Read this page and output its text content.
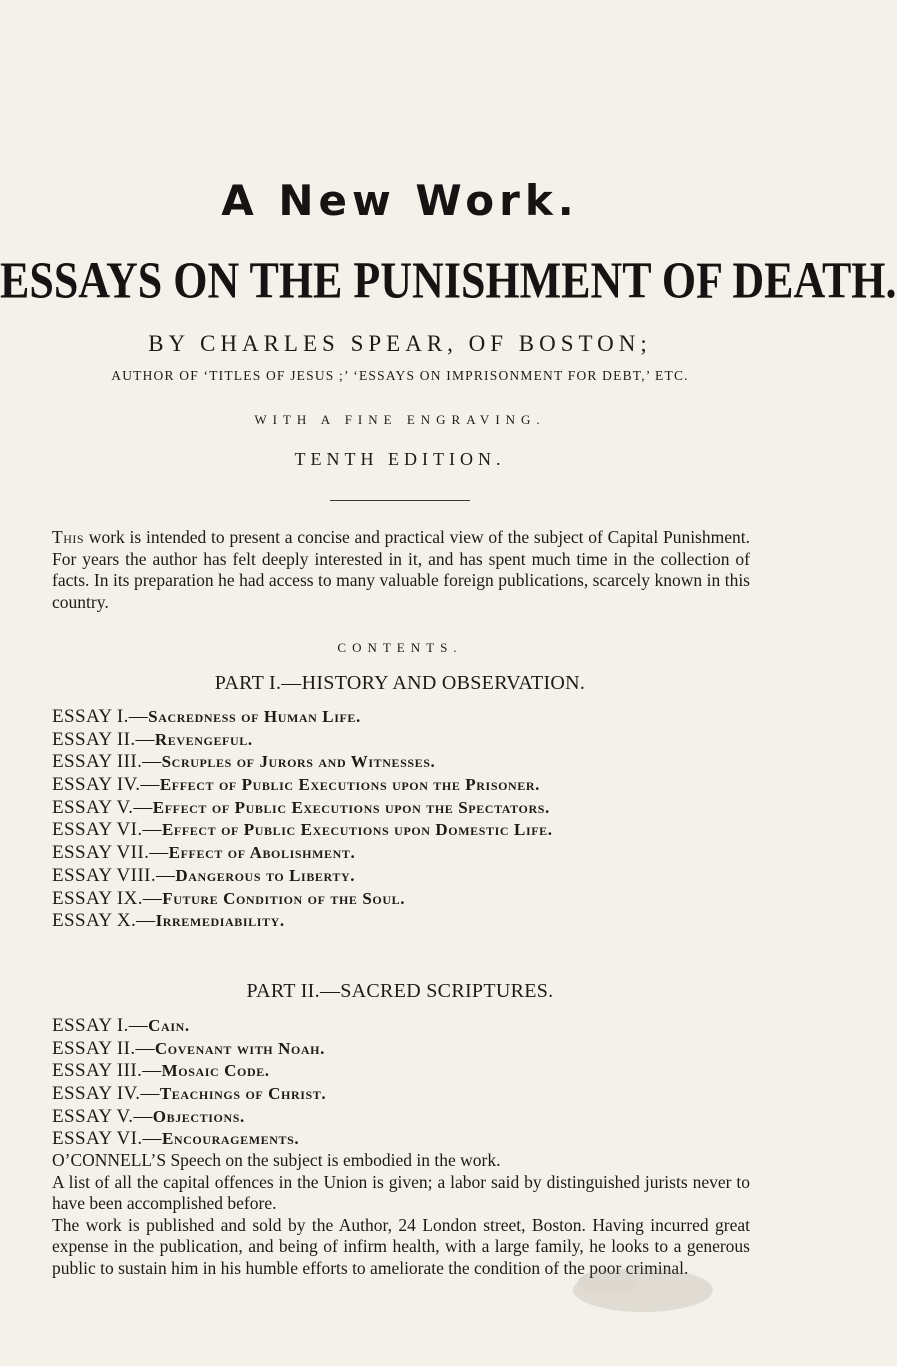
A New Work.
ESSAYS ON THE PUNISHMENT OF DEATH.
BY CHARLES SPEAR, OF BOSTON;
AUTHOR OF ‘TITLES OF JESUS ;’ ‘ESSAYS ON IMPRISONMENT FOR DEBT,’ ETC.
WITH A FINE ENGRAVING.
TENTH EDITION.
This work is intended to present a concise and practical view of the subject of Capital Punishment. For years the author has felt deeply interested in it, and has spent much time in the collection of facts. In its preparation he had access to many valuable foreign publications, scarcely known in this country.
CONTENTS.
PART I.—HISTORY AND OBSERVATION.
ESSAY I.—Sacredness of Human Life.
ESSAY II.—Revengeful.
ESSAY III.—Scruples of Jurors and Witnesses.
ESSAY IV.—Effect of Public Executions upon the Prisoner.
ESSAY V.—Effect of Public Executions upon the Spectators.
ESSAY VI.—Effect of Public Executions upon Domestic Life.
ESSAY VII.—Effect of Abolishment.
ESSAY VIII.—Dangerous to Liberty.
ESSAY IX.—Future Condition of the Soul.
ESSAY X.—Irremediability.
PART II.—SACRED SCRIPTURES.
ESSAY I.—Cain.
ESSAY II.—Covenant with Noah.
ESSAY III.—Mosaic Code.
ESSAY IV.—Teachings of Christ.
ESSAY V.—Objections.
ESSAY VI.—Encouragements.

O’CONNELL’S Speech on the subject is embodied in the work.

A list of all the capital offences in the Union is given; a labor said by distinguished jurists never to have been accomplished before.

The work is published and sold by the Author, 24 London street, Boston. Having incurred great expense in the publication, and being of infirm health, with a large family, he looks to a generous public to sustain him in his humble efforts to ameliorate the condition of the poor criminal.
